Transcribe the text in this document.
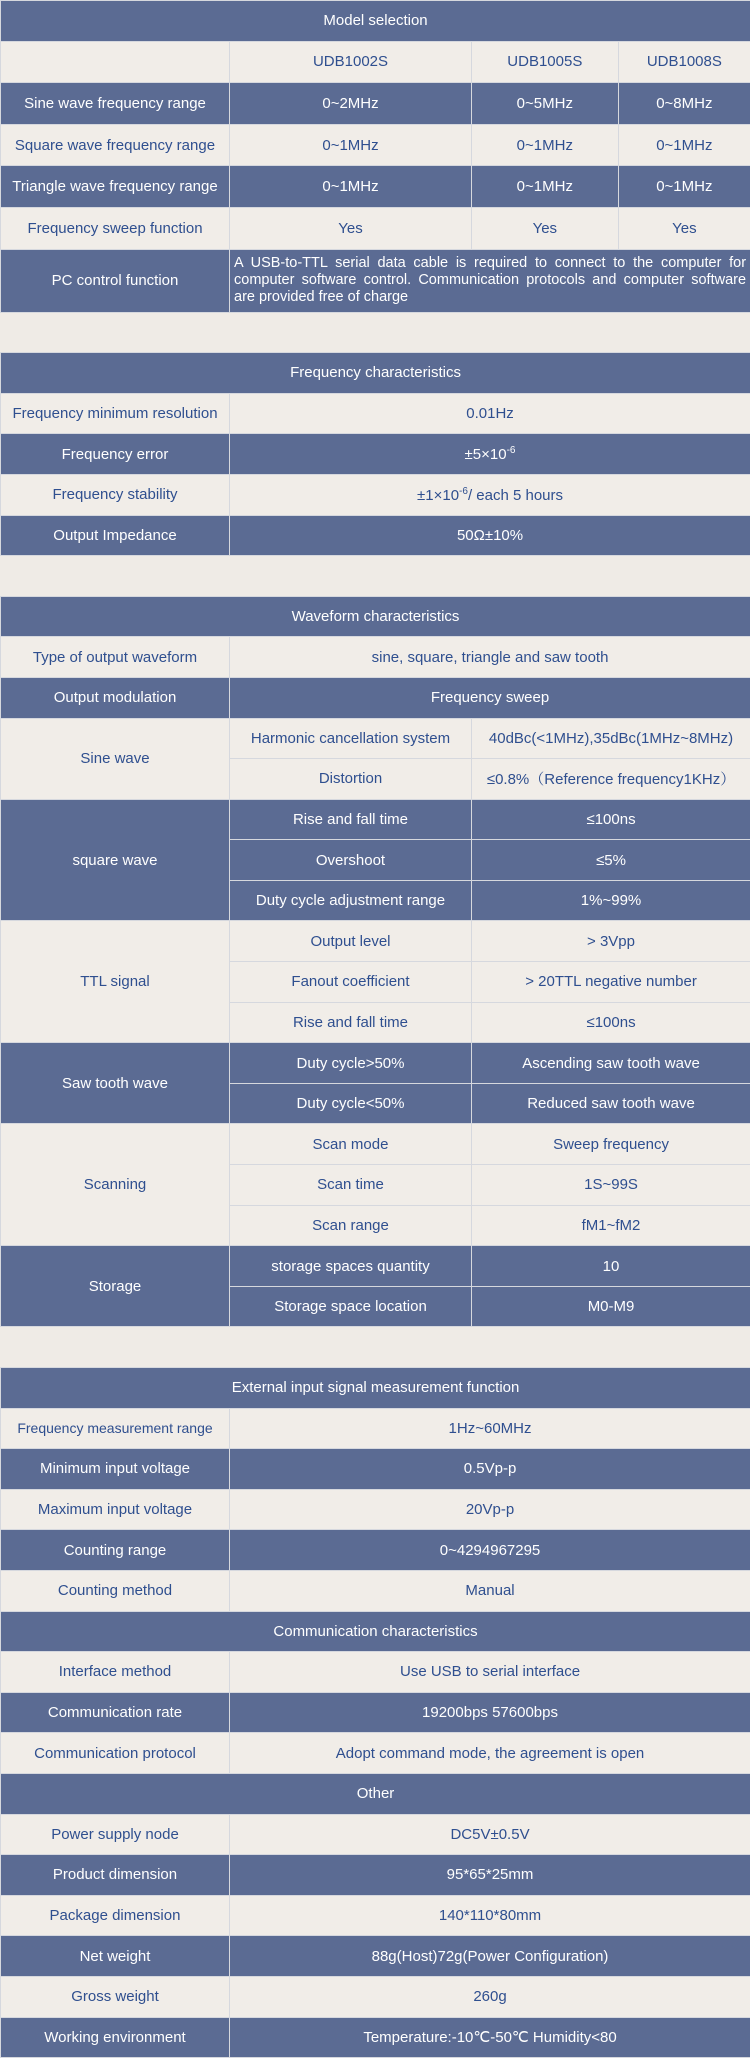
Model selection
	UDB1002S		UDB1005S	UDB1008S

Sine wave frequency range	0~2MHz		0~5MHz	0~8MHz

Square wave frequency range	0~1MHz		0~1MHz	0~1MHz

Triangle wave frequency range	0~1MHz		0~1MHz	0~1MHz

Frequency sweep function	Yes		Yes	Yes

PC control function	A USB-to-TTL serial data cable is required to connect to the computer for computer software control. Communication protocols and computer software are provided free of charge

Frequency characteristics
Frequency minimum resolution	0.01Hz
Frequency error	$\pm 5\times 10^{-6}$
Frequency stability	$\pm 1\times 10^{-6}/$ each 5 hours
Output Impedance	50Ω±10%

Waveform characteristics
Type of output waveform	sine, square, triangle and saw tooth
Output modulation	Frequency sweep
Sine wave	Harmonic cancellation system	40dBc(<1MHz),35dBc(1MHz~8MHz)
Distortion	≤0.8%（Reference frequency1KHz）
square wave	Rise and fall time	≤100ns
Overshoot	≤5%
Duty cycle adjustment range	1%~99%
TTL signal	Output level	> 3Vpp
Fanout coefficient	> 20TTL negative number
Rise and fall time	≤100ns
Saw tooth wave	Duty cycle>50%	Ascending saw tooth wave
Duty cycle<50%	Reduced saw tooth wave
Scanning	Scan mode	Sweep frequency
Scan time	1S~99S
Scan range	fM1~fM2
Storage	storage spaces quantity	10
Storage space location	M0-M9

External input signal measurement function
Frequency measurement range	1Hz~60MHz
Minimum input voltage	0.5Vp-p
Maximum input voltage	20Vp-p
Counting range	0~4294967295
Counting method	Manual
Communication characteristics
Interface method	Use USB to serial interface
Communication rate	19200bps 57600bps
Communication protocol	Adopt command mode, the agreement is open
Other
Power supply node	DC5V±0.5V
Product dimension	95*65*25mm
Package dimension	140*110*80mm
Net weight	88g(Host)72g(Power Configuration)
Gross weight	260g
Working environment	Temperature:-10℃-50℃ Humidity<80
